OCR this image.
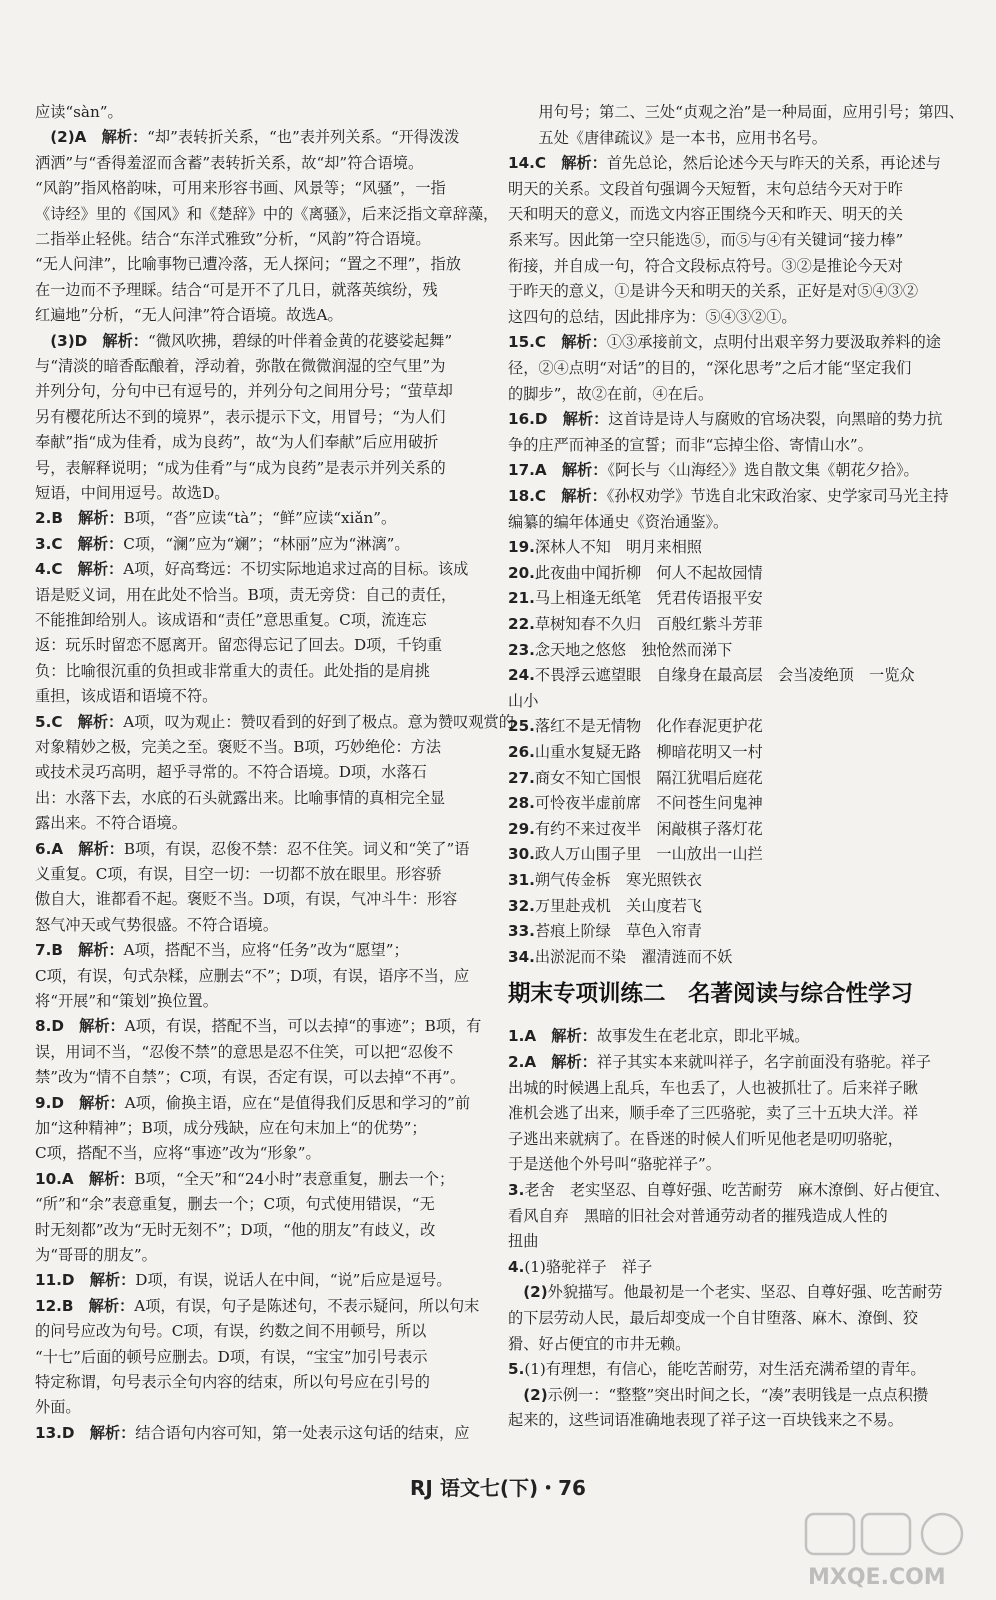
应读“sàn”。
　(2)A　解析：“却”表转折关系，“也”表并列关系。“开得泼泼
洒洒”与“香得羞涩而含蓄”表转折关系，故“却”符合语境。
“风韵”指风格韵味，可用来形容书画、风景等；“风骚”，一指
《诗经》里的《国风》和《楚辞》中的《离骚》，后来泛指文章辞藻，
二指举止轻佻。结合“东洋式雅致”分析，“风韵”符合语境。
“无人问津”，比喻事物已遭冷落，无人探问；“置之不理”，指放
在一边而不予理睬。结合“可是开不了几日，就落英缤纷，残
红遍地”分析，“无人问津”符合语境。故选A。
　(3)D　解析：“微风吹拂，碧绿的叶伴着金黄的花婆娑起舞”
与“清淡的暗香酝酿着，浮动着，弥散在微微润湿的空气里”为
并列分句，分句中已有逗号的，并列分句之间用分号；“萤草却
另有樱花所达不到的境界”，表示提示下文，用冒号；“为人们
奉献”指“成为佳肴，成为良药”，故“为人们奉献”后应用破折
号，表解释说明；“成为佳肴”与“成为良药”是表示并列关系的
短语，中间用逗号。故选D。
2.B　解析：B项，“沓”应读“tà”；“鲜”应读“xiǎn”。
3.C　解析：C项，“澜”应为“斓”；“林丽”应为“淋漓”。
4.C　解析：A项，好高骛远：不切实际地追求过高的目标。该成
语是贬义词，用在此处不恰当。B项，责无旁贷：自己的责任，
不能推卸给别人。该成语和“责任”意思重复。C项，流连忘
返：玩乐时留恋不愿离开。留恋得忘记了回去。D项，千钧重
负：比喻很沉重的负担或非常重大的责任。此处指的是肩挑
重担，该成语和语境不符。
5.C　解析：A项，叹为观止：赞叹看到的好到了极点。意为赞叹观赏的
对象精妙之极，完美之至。褒贬不当。B项，巧妙绝伦：方法
或技术灵巧高明，超乎寻常的。不符合语境。D项，水落石
出：水落下去，水底的石头就露出来。比喻事情的真相完全显
露出来。不符合语境。
6.A　解析：B项，有误，忍俊不禁：忍不住笑。词义和“笑了”语
义重复。C项，有误，目空一切：一切都不放在眼里。形容骄
傲自大，谁都看不起。褒贬不当。D项，有误，气冲斗牛：形容
怒气冲天或气势很盛。不符合语境。
7.B　解析：A项，搭配不当，应将“任务”改为“愿望”；
C项，有误，句式杂糅，应删去“不”；D项，有误，语序不当，应
将“开展”和“策划”换位置。
8.D　解析：A项，有误，搭配不当，可以去掉“的事迹”；B项，有
误，用词不当，“忍俊不禁”的意思是忍不住笑，可以把“忍俊不
禁”改为“情不自禁”；C项，有误，否定有误，可以去掉“不再”。
9.D　解析：A项，偷换主语，应在“是值得我们反思和学习的”前
加“这种精神”；B项，成分残缺，应在句末加上“的优势”；
C项，搭配不当，应将“事迹”改为“形象”。
10.A　解析：B项，“全天”和“24小时”表意重复，删去一个；
“所”和“余”表意重复，删去一个；C项，句式使用错误，“无
时无刻都”改为“无时无刻不”；D项，“他的朋友”有歧义，改
为“哥哥的朋友”。
11.D　解析：D项，有误，说话人在中间，“说”后应是逗号。
12.B　解析：A项，有误，句子是陈述句，不表示疑问，所以句末
的问号应改为句号。C项，有误，约数之间不用顿号，所以
“十七”后面的顿号应删去。D项，有误，“宝宝”加引号表示
特定称谓，句号表示全句内容的结束，所以句号应在引号的
外面。
13.D　解析：结合语句内容可知，第一处表示这句话的结束，应
　　用句号；第二、三处“贞观之治”是一种局面，应用引号；第四、
　　五处《唐律疏议》是一本书，应用书名号。
14.C　解析：首先总论，然后论述今天与昨天的关系，再论述与
明天的关系。文段首句强调今天短暂，末句总结今天对于昨
天和明天的意义，而选文内容正围绕今天和昨天、明天的关
系来写。因此第一空只能选⑤，而⑤与④有关键词“接力棒”
衔接，并自成一句，符合文段标点符号。③②是推论今天对
于昨天的意义，①是讲今天和明天的关系，正好是对⑤④③②
这四句的总结，因此排序为：⑤④③②①。
15.C　解析：①③承接前文，点明付出艰辛努力要汲取养料的途
径，②④点明“对话”的目的，“深化思考”之后才能“坚定我们
的脚步”，故②在前，④在后。
16.D　解析：这首诗是诗人与腐败的官场决裂，向黑暗的势力抗
争的庄严而神圣的宣誓；而非“忘掉尘俗、寄情山水”。
17.A　解析：《阿长与〈山海经〉》选自散文集《朝花夕拾》。
18.C　解析：《孙权劝学》节选自北宋政治家、史学家司马光主持
编纂的编年体通史《资治通鉴》。
19.深林人不知　明月来相照
20.此夜曲中闻折柳　何人不起故园情
21.马上相逢无纸笔　凭君传语报平安
22.草树知春不久归　百般红紫斗芳菲
23.念天地之悠悠　独怆然而涕下
24.不畏浮云遮望眼　自缘身在最高层　会当凌绝顶　一览众
山小
25.落红不是无情物　化作春泥更护花
26.山重水复疑无路　柳暗花明又一村
27.商女不知亡国恨　隔江犹唱后庭花
28.可怜夜半虚前席　不问苍生问鬼神
29.有约不来过夜半　闲敲棋子落灯花
30.政人万山围子里　一山放出一山拦
31.朔气传金柝　寒光照铁衣
32.万里赴戎机　关山度若飞
33.苔痕上阶绿　草色入帘青
34.出淤泥而不染　濯清涟而不妖
期末专项训练二　名著阅读与综合性学习
1.A　解析：故事发生在老北京，即北平城。
2.A　解析：祥子其实本来就叫祥子，名字前面没有骆驼。祥子
出城的时候遇上乱兵，车也丢了，人也被抓壮了。后来祥子瞅
准机会逃了出来，顺手牵了三匹骆驼，卖了三十五块大洋。祥
子逃出来就病了。在昏迷的时候人们听见他老是叨叨骆驼，
于是送他个外号叫“骆驼祥子”。
3.老舍　老实坚忍、自尊好强、吃苦耐劳　麻木潦倒、好占便宜、
看风自弃　黑暗的旧社会对普通劳动者的摧残造成人性的
扭曲
4.(1)骆驼祥子　祥子
　(2)外貌描写。他最初是一个老实、坚忍、自尊好强、吃苦耐劳
的下层劳动人民，最后却变成一个自甘堕落、麻木、潦倒、狡
猾、好占便宜的市井无赖。
5.(1)有理想，有信心，能吃苦耐劳，对生活充满希望的青年。
　(2)示例一：“整整”突出时间之长，“凑”表明钱是一点点积攒
起来的，这些词语准确地表现了祥子这一百块钱来之不易。
RJ 语文七(下)・76
MXQE.COM
